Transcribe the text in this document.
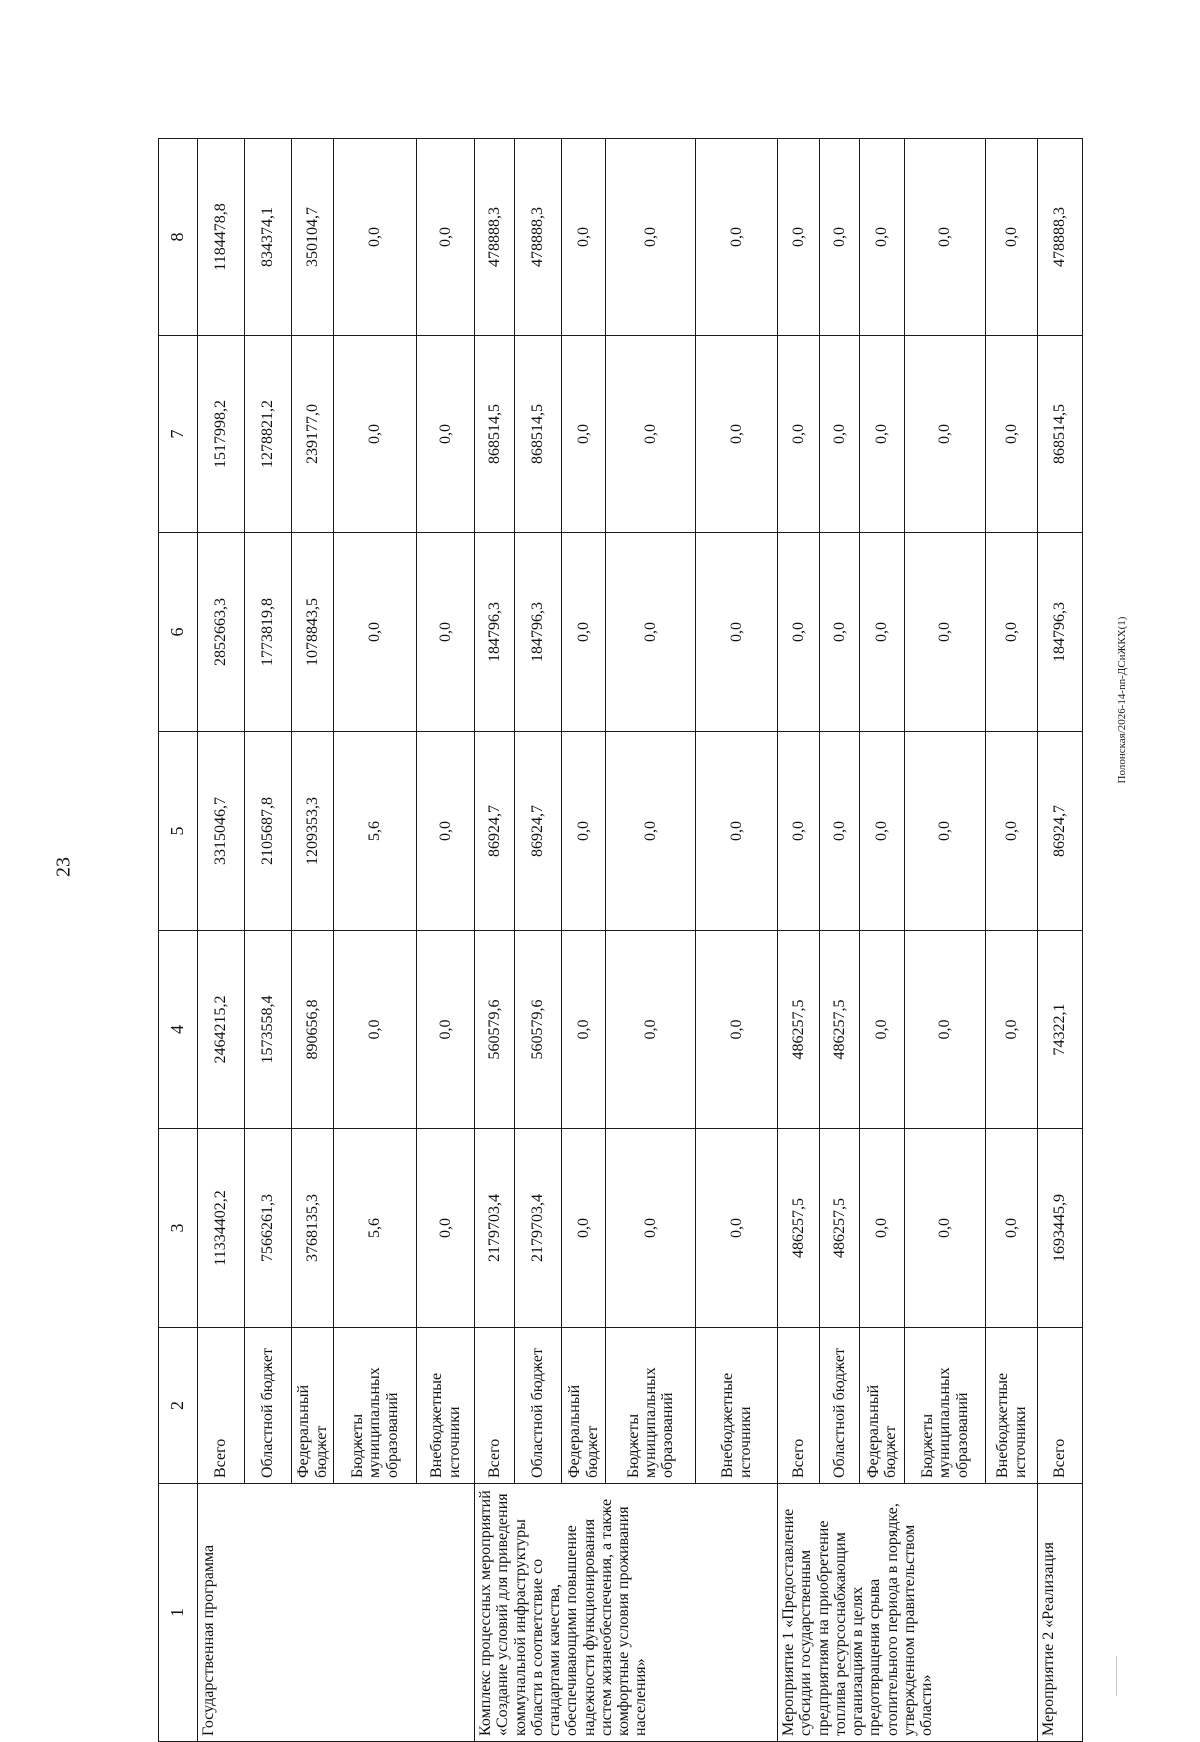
23
Полонская/2026-14-nn-ДСиЖКХ(1)
1	2	3	4	5	6	7	8
Государственная программа	Всего	11334402,2	2464215,2	3315046,7	2852663,3	1517998,2	1184478,8
	Областной бюджет	7566261,3	1573558,4	2105687,8	1773819,8	1278821,2	834374,1
	Федеральный бюджет	3768135,3	890656,8	1209353,3	1078843,5	239177,0	350104,7
	Бюджеты муниципальных образований	5,6	0,0	5,6	0,0	0,0	0,0
	Внебюджетные источники	0,0	0,0	0,0	0,0	0,0	0,0
Комплекс процессных мероприятий «Создание условий для приведения коммунальной инфраструктуры области в соответствие со стандартами качества, обеспечивающими повышение надежности функционирования систем жизнеобеспечения, а также комфортные условия проживания населения»	Всего	2179703,4	560579,6	86924,7	184796,3	868514,5	478888,3
	Областной бюджет	2179703,4	560579,6	86924,7	184796,3	868514,5	478888,3
	Федеральный бюджет	0,0	0,0	0,0	0,0	0,0	0,0
	Бюджеты муниципальных образований	0,0	0,0	0,0	0,0	0,0	0,0
	Внебюджетные источники	0,0	0,0	0,0	0,0	0,0	0,0
Мероприятие 1 «Предоставление субсидии государственным предприятиям на приобретение топлива ресурсоснабжающим организациям в целях предотвращения срыва отопительного периода в порядке, утвержденном правительством области»	Всего	486257,5	486257,5	0,0	0,0	0,0	0,0
	Областной бюджет	486257,5	486257,5	0,0	0,0	0,0	0,0
	Федеральный бюджет	0,0	0,0	0,0	0,0	0,0	0,0
	Бюджеты муниципальных образований	0,0	0,0	0,0	0,0	0,0	0,0
	Внебюджетные источники	0,0	0,0	0,0	0,0	0,0	0,0
Мероприятие 2 «Реализация	Всего	1693445,9	74322,1	86924,7	184796,3	868514,5	478888,3
